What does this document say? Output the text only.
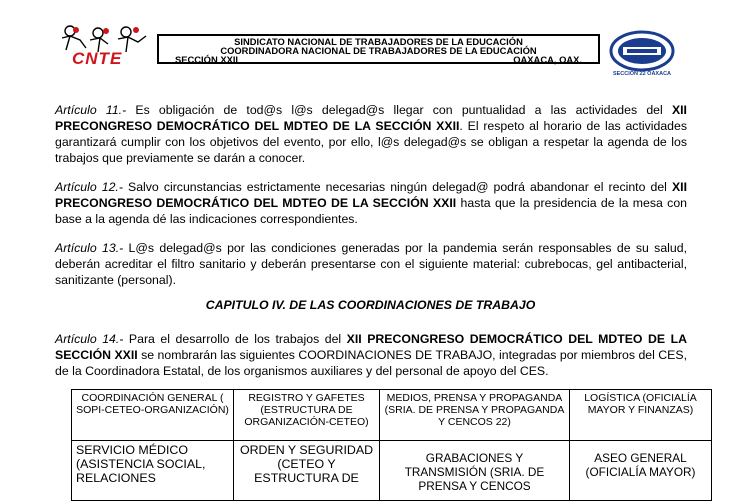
CNTE
SINDICATO NACIONAL DE TRABAJADORES DE LA EDUCACIÓN
COORDINADORA NACIONAL DE TRABAJADORES DE LA EDUCACIÓN
SECCIÓN XXII	OAXACA, OAX.
SECCIÓN 22 OAXACA

Artículo 11.- Es obligación de tod@s l@s delegad@s llegar con puntualidad a las actividades del XII PRECONGRESO DEMOCRÁTICO DEL MDTEO DE LA SECCIÓN XXII. El respeto al horario de las actividades garantizará cumplir con los objetivos del evento, por ello, l@s delegad@s se obligan a respetar la agenda de los trabajos que previamente se darán a conocer.

Artículo 12.- Salvo circunstancias estrictamente necesarias ningún delegad@ podrá abandonar el recinto del XII PRECONGRESO DEMOCRÁTICO DEL MDTEO DE LA SECCIÓN XXII hasta que la presidencia de la mesa con base a la agenda dé las indicaciones correspondientes.

Artículo 13.- L@s delegad@s por las condiciones generadas por la pandemia serán responsables de su salud, deberán acreditar el filtro sanitario y deberán presentarse con el siguiente material: cubrebocas, gel antibacterial, sanitizante (personal).

CAPITULO IV. DE LAS COORDINACIONES DE TRABAJO

Artículo 14.- Para el desarrollo de los trabajos del XII PRECONGRESO DEMOCRÁTICO DEL MDTEO DE LA SECCIÓN XXII se nombrarán las siguientes COORDINACIONES DE TRABAJO, integradas por miembros del CES, de la Coordinadora Estatal, de los organismos auxiliares y del personal de apoyo del CES.

COORDINACIÓN GENERAL ( SOPI-CETEO-ORGANIZACIÓN)	REGISTRO Y GAFETES (ESTRUCTURA DE ORGANIZACIÓN-CETEO)	MEDIOS, PRENSA Y PROPAGANDA (SRIA. DE PRENSA Y PROPAGANDA Y CENCOS 22)	LOGÍSTICA (OFICIALÍA MAYOR Y FINANZAS)
SERVICIO MÉDICO (ASISTENCIA SOCIAL, RELACIONES	ORDEN Y SEGURIDAD (CETEO Y ESTRUCTURA DE	GRABACIONES Y TRANSMISIÓN (SRIA. DE PRENSA Y CENCOS	ASEO GENERAL (OFICIALÍA MAYOR)
